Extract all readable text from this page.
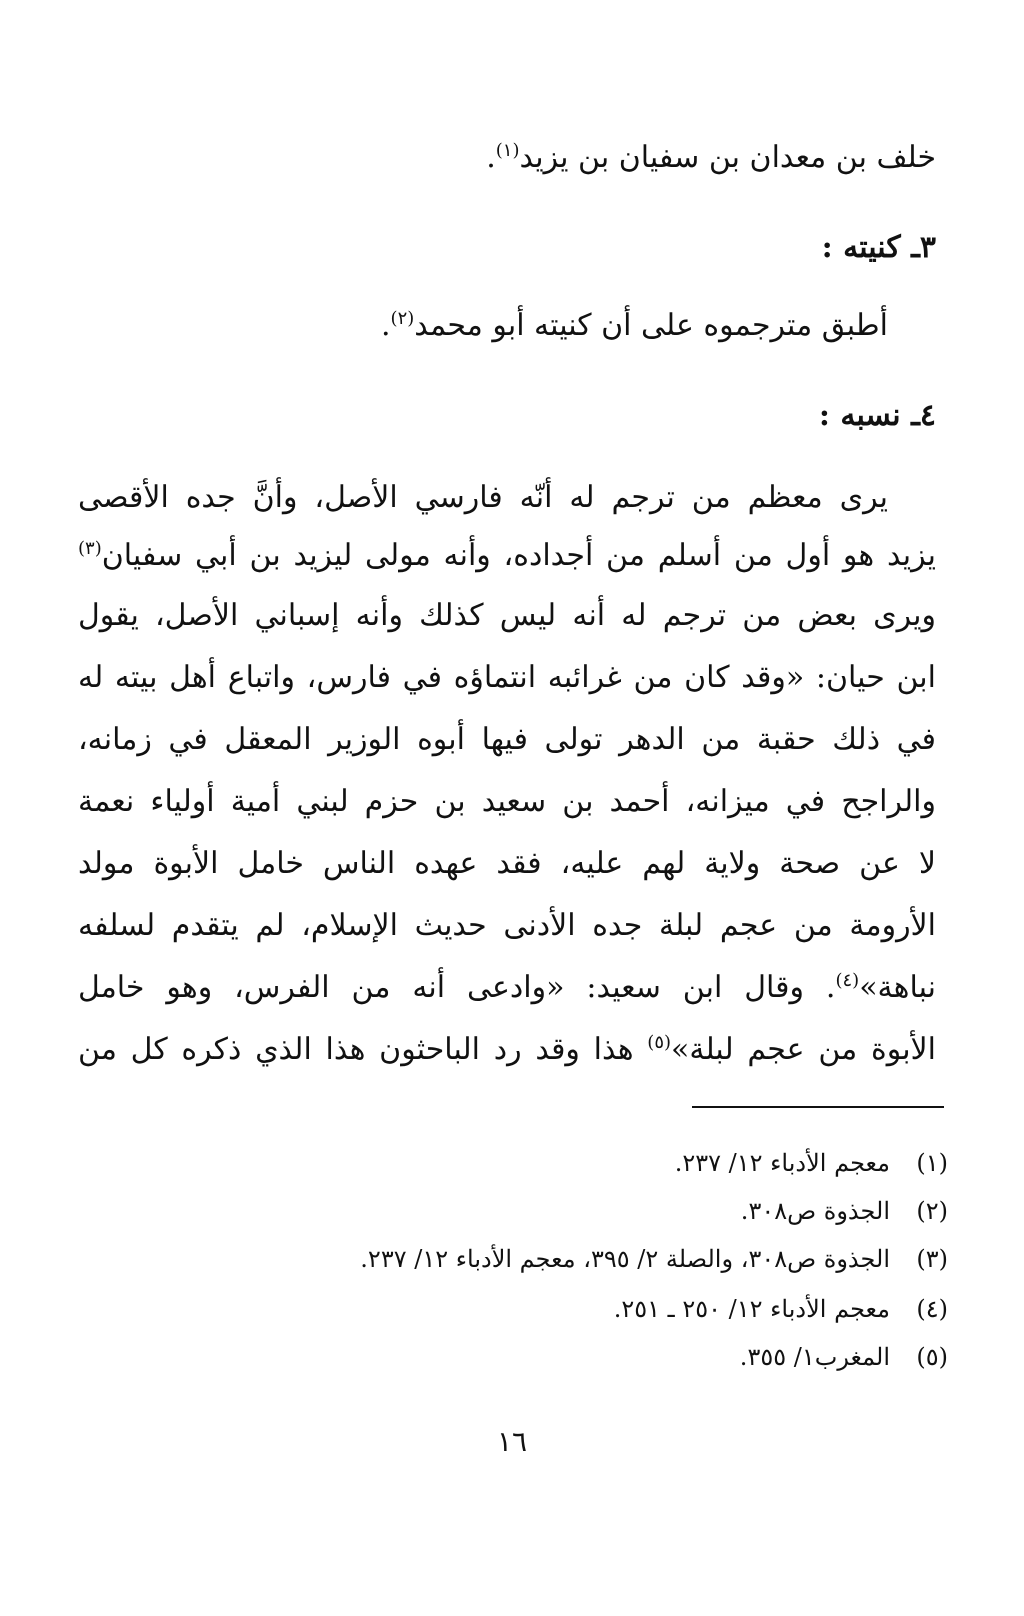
خلف بن معدان بن سفيان بن يزيد$^{(١)}$.
٣ـ كنيته :
أطبق مترجموه على أن كنيته أبو محمد$^{(٢)}$.
٤ـ نسبه :
يرى معظم من ترجم له أنّه فارسي الأصل، وأنَّ جده الأقصى
يزيد هو أول من أسلم من أجداده، وأنه مولى ليزيد بن أبي سفيان$^{(٣)}$
ويرى بعض من ترجم له أنه ليس كذلك وأنه إسباني الأصل، يقول
ابن حيان: «وقد كان من غرائبه انتماؤه في فارس، واتباع أهل بيته له
في ذلك حقبة من الدهر تولى فيها أبوه الوزير المعقل في زمانه،
والراجح في ميزانه، أحمد بن سعيد بن حزم لبني أمية أولياء نعمة
لا عن صحة ولاية لهم عليه، فقد عهده الناس خامل الأبوة مولد
الأرومة من عجم لبلة جده الأدنى حديث الإسلام، لم يتقدم لسلفه
نباهة»$^{(٤)}$. وقال ابن سعيد: «وادعى أنه من الفرس، وهو خامل
الأبوة من عجم لبلة»$^{(٥)}$ هذا وقد رد الباحثون هذا الذي ذكره كل من
(١)معجم الأدباء ١٢/ ٢٣٧.
(٢)الجذوة ص٣٠٨.
(٣)الجذوة ص٣٠٨، والصلة ٢/ ٣٩٥، معجم الأدباء ١٢/ ٢٣٧.
(٤)معجم الأدباء ١٢/ ٢٥٠ ـ ٢٥١.
(٥)المغرب١/ ٣٥٥.
١٦
